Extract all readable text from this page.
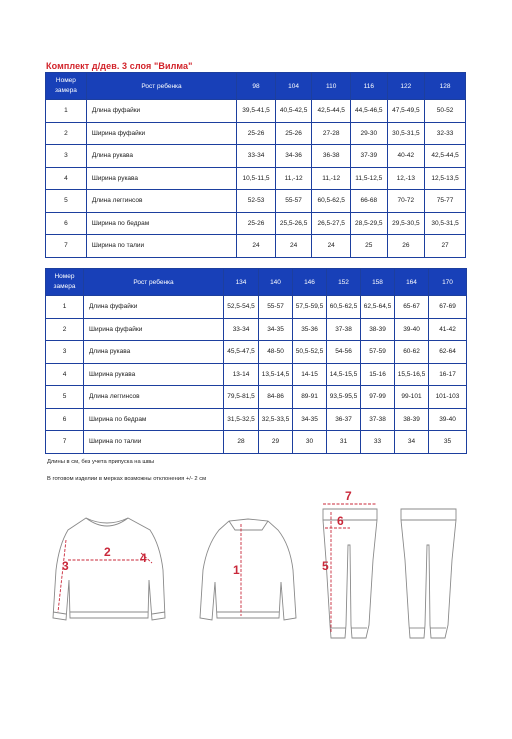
Комплект д/дев. 3 слоя "Вилма"
Номер замера	Рост ребенка	98	104	110	116	122	128
1	Длина фуфайки	39,5-41,5	40,5-42,5	42,5-44,5	44,5-46,5	47,5-49,5	50-52
2	Ширина фуфайки	25-26	25-26	27-28	29-30	30,5-31,5	32-33
3	Длина рукава	33-34	34-36	36-38	37-39	40-42	42,5-44,5
4	Ширина рукава	10,5-11,5	11,-12	11,-12	11,5-12,5	12,-13	12,5-13,5
5	Длина леггинсов	52-53	55-57	60,5-62,5	66-68	70-72	75-77
6	Ширина по бедрам	25-26	25,5-26,5	26,5-27,5	28,5-29,5	29,5-30,5	30,5-31,5
7	Ширина по талии	24	24	24	25	26	27
Номер замера	Рост ребенка	134	140	146	152	158	164	170
1	Длина фуфайки	52,5-54,5	55-57	57,5-59,5	60,5-62,5	62,5-64,5	65-67	67-69
2	Ширина фуфайки	33-34	34-35	35-36	37-38	38-39	39-40	41-42
3	Длина рукава	45,5-47,5	48-50	50,5-52,5	54-56	57-59	60-62	62-64
4	Ширина рукава	13-14	13,5-14,5	14-15	14,5-15,5	15-16	15,5-16,5	16-17
5	Длина леггинсов	79,5-81,5	84-86	89-91	93,5-95,5	97-99	99-101	101-103
6	Ширина по бедрам	31,5-32,5	32,5-33,5	34-35	36-37	37-38	38-39	39-40
7	Ширина по талии	28	29	30	31	33	34	35
Длины в см, без учета припуска на швы
В готовом изделии в мерках возможны отклонения +/- 2 см
2
3
4
1
7
6
5
